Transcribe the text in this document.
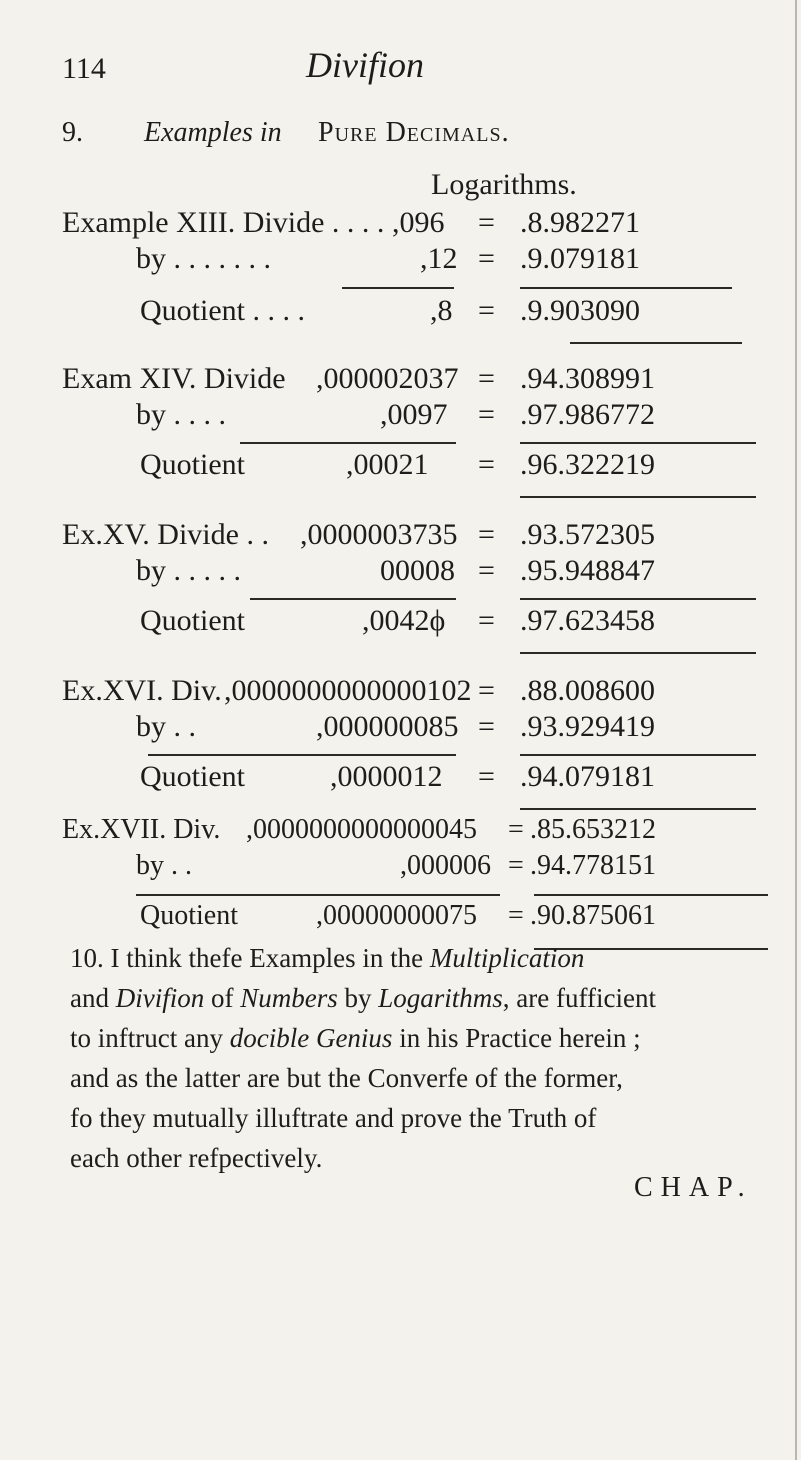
114	Divifion
9. Examples in Pure Decimals.
Logarithms.
Example XIII. Divide . . . . ,096 = .8.982271
by . . . . . . .	,12 = .9.079181
Quotient . . . .	,8 = .9.903090
Exam XIV. Divide ,000002037 = .94.308991
by . . . .	,0097 = .97.986772
Quotient	,00021 = .96.322219
Ex.XV. Divide . . ,0000003735 = .93.572305
by . . . . .	00008 = .95.948847
Quotient	,0042ϕ = .97.623458
Ex.XVI. Div. ,0000000000000102 = .88.008600
by . .	,000000085 = .93.929419
Quotient	,0000012 = .94.079181
Ex.XVII. Div. ,0000000000000045 = .85.653212
by . .	,000006 = .94.778151
Quotient	,00000000075 = .90.875061

10. I think thefe Examples in the Multiplication

and Divifion of Numbers by Logarithms, are fufficient

to inftruct any docible Genius in his Practice herein ;

and as the latter are but the Converfe of the former,

fo they mutually illuftrate and prove the Truth of

each other refpectively.

CHAP.
